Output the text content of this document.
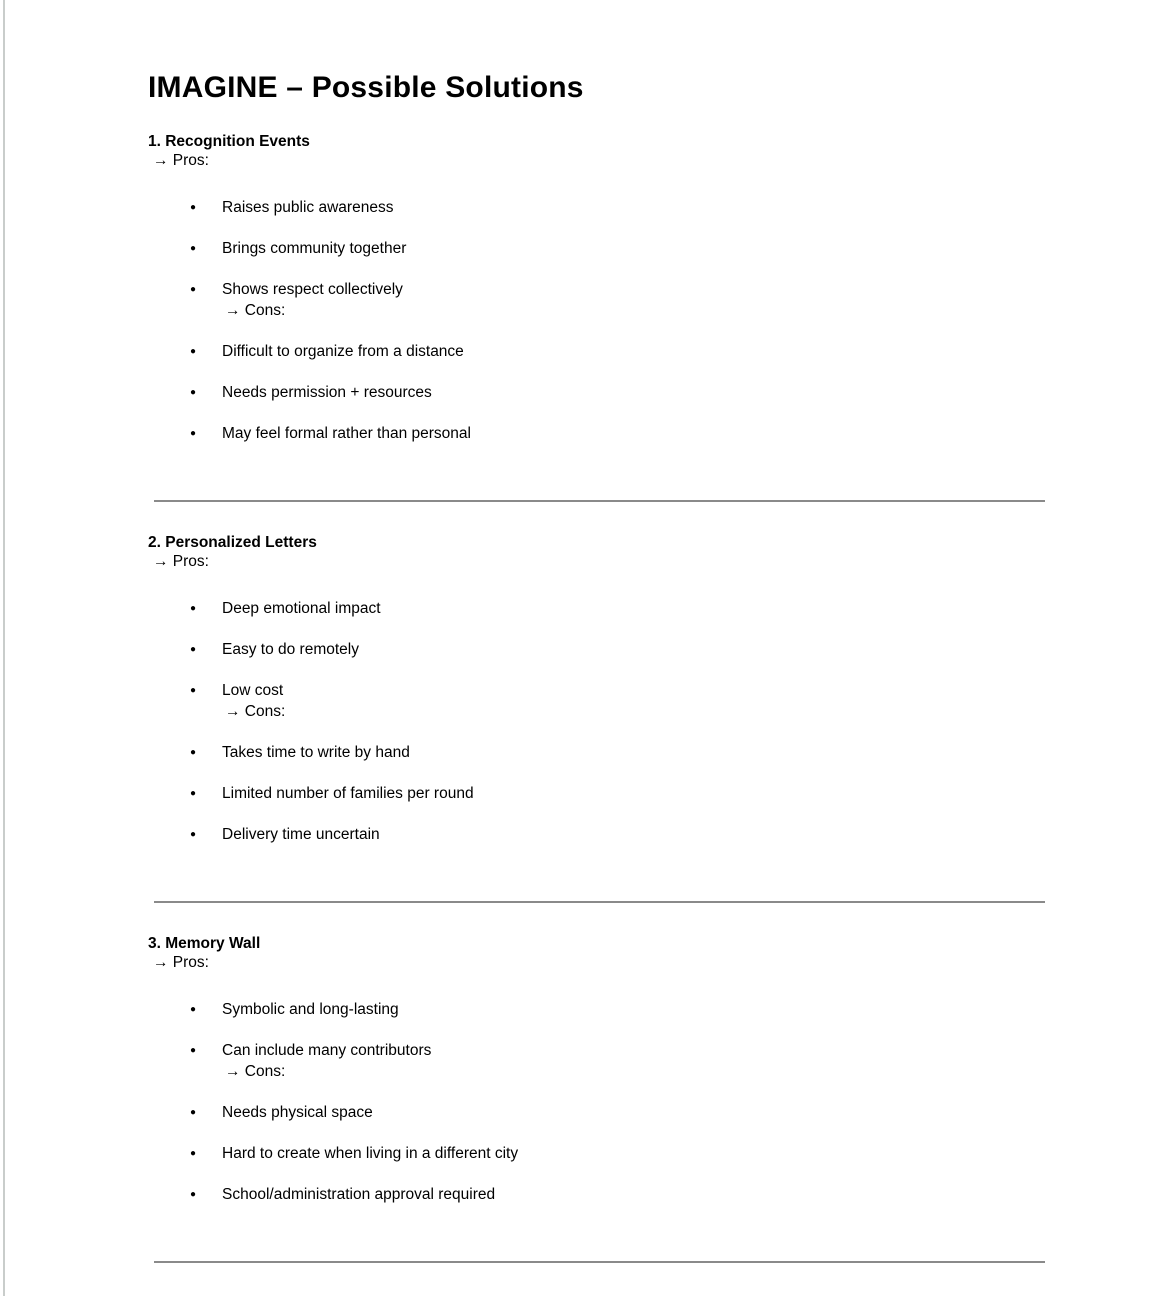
IMAGINE – Possible Solutions
1. Recognition Events
→ Pros:
● Raises public awareness
● Brings community together
● Shows respect collectively
→ Cons:
● Difficult to organize from a distance
● Needs permission + resources
● May feel formal rather than personal
2. Personalized Letters
→ Pros:
● Deep emotional impact
● Easy to do remotely
● Low cost
→ Cons:
● Takes time to write by hand
● Limited number of families per round
● Delivery time uncertain
3. Memory Wall
→ Pros:
● Symbolic and long-lasting
● Can include many contributors
→ Cons:
● Needs physical space
● Hard to create when living in a different city
● School/administration approval required
